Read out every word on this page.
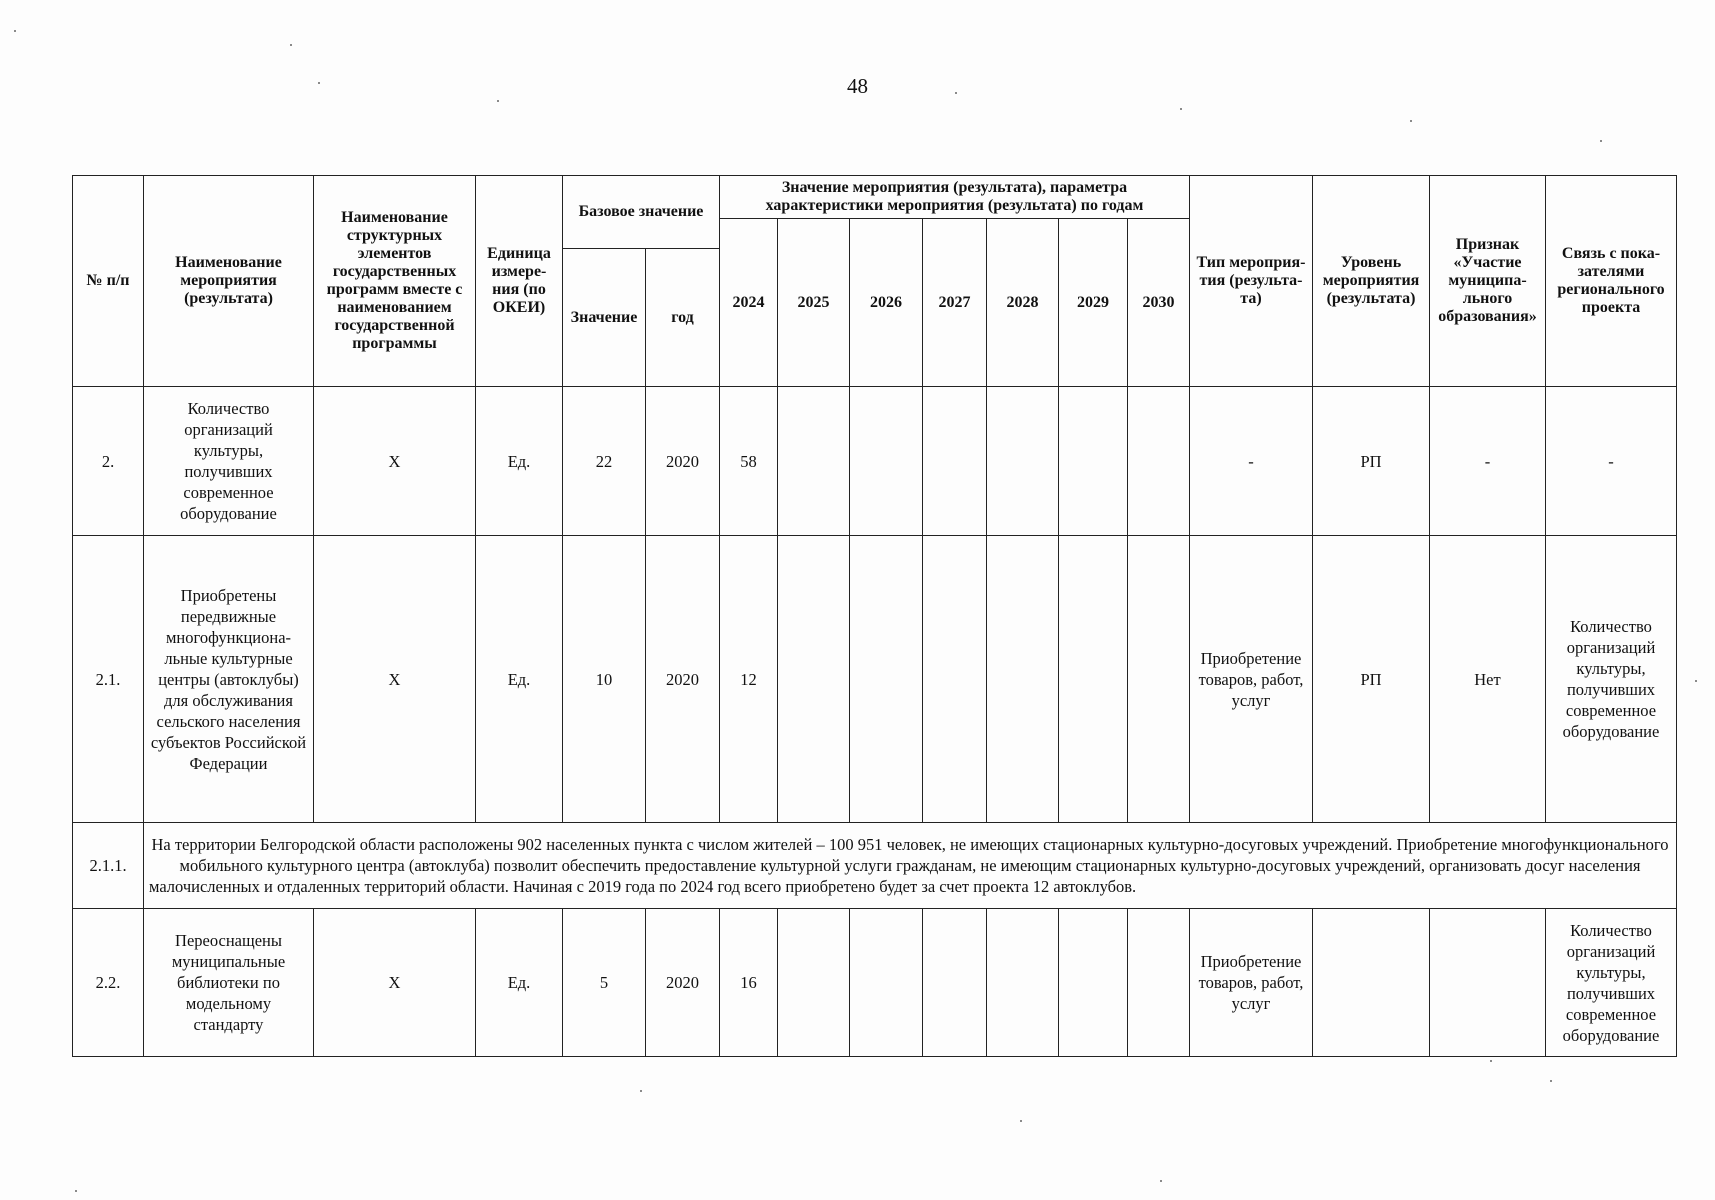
48
№ п/п	Наименование мероприятия (результата)	Наименование структурных элементов государственных программ вместе с наименованием государственной программы	Единица измерения (по ОКЕИ)	Базовое значение		Значение мероприятия (результата), параметра характеристики мероприятия (результата) по годам							Тип мероприятия (результата)	Уровень мероприятия (результата)	Признак «Участие муниципального образования»	Связь с показателями регионального проекта
						2024	2025	2026	2027	2028	2029	2030				
				Значение	год											
2.	Количество организаций культуры, получивших современное оборудование	Х	Ед.	22	2020	58							-	РП	-	-
2.1.	Приобретены передвижные многофункциональные культурные центры (автоклубы) для обслуживания сельского населения субъектов Российской Федерации	Х	Ед.	10	2020	12							Приобретение товаров, работ, услуг	РП	Нет	Количество организаций культуры, получивших современное оборудование
2.1.1.	На территории Белгородской области расположены 902 населенных пункта с числом жителей – 100 951 человек, не имеющих стационарных культурно-досуговых учреждений. Приобретение многофункционального мобильного культурного центра (автоклуба) позволит обеспечить предоставление культурной услуги гражданам, не имеющим стационарных культурно-досуговых учреждений, организовать досуг населения малочисленных и отдаленных территорий области. Начиная с 2019 года по 2024 год всего приобретено будет за счет проекта 12 автоклубов.															
2.2.	Переоснащены муниципальные библиотеки по модельному стандарту	Х	Ед.	5	2020	16							Приобретение товаров, работ, услуг			Количество организаций культуры, получивших современное оборудование
